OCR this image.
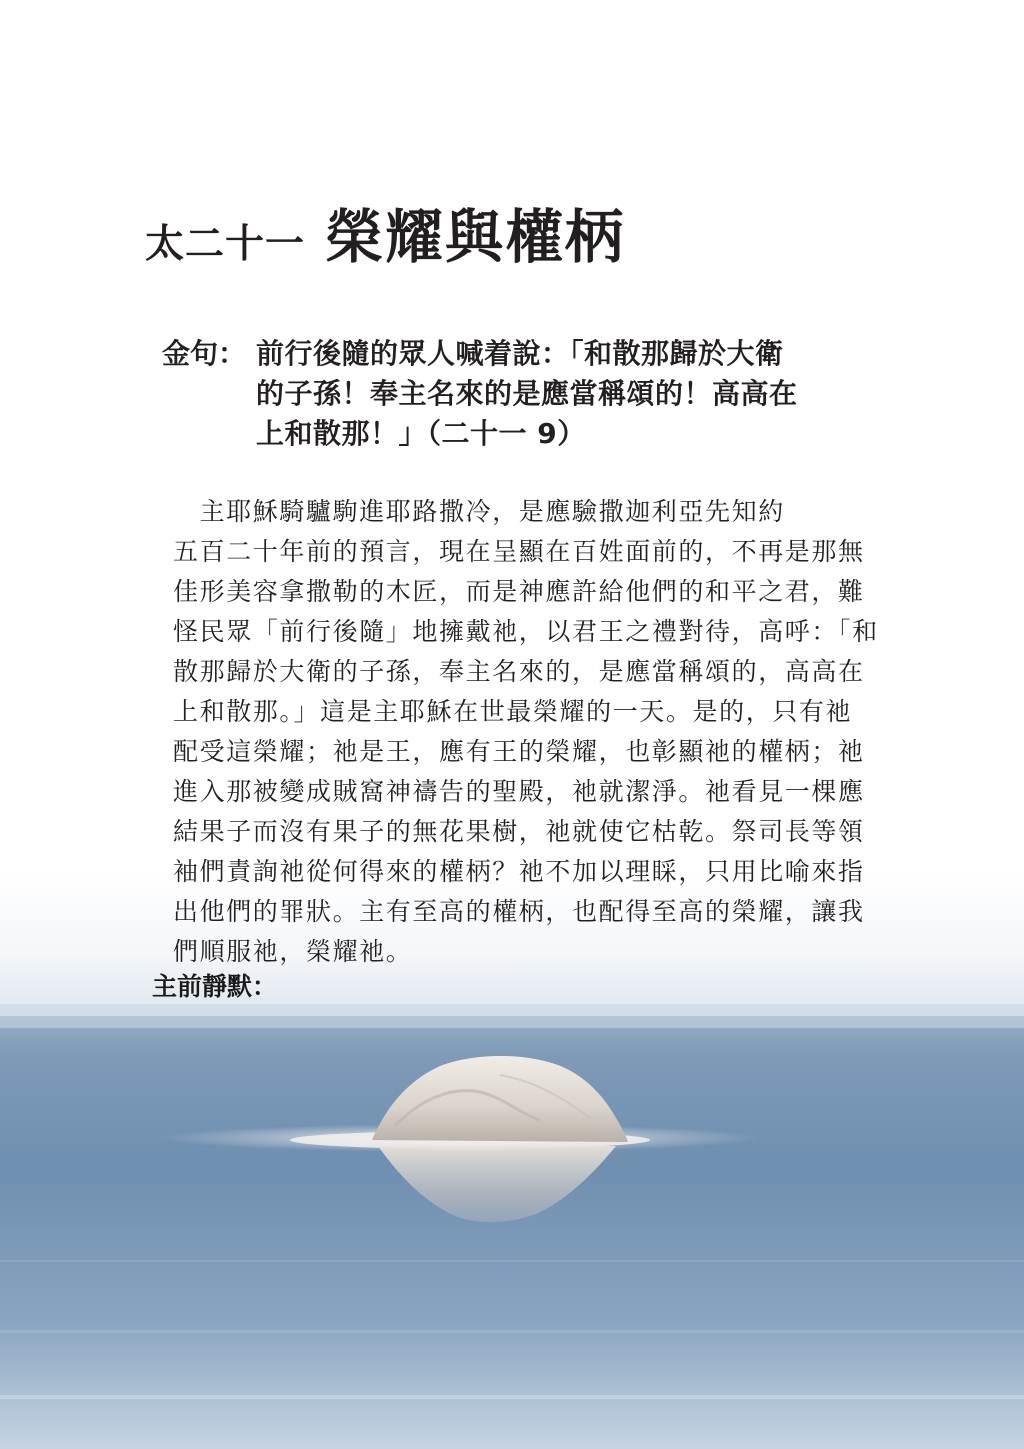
太二十一 榮耀與權柄
金句： 前行後隨的眾人喊着說：「和散那歸於大衛
的子孫！奉主名來的是應當稱頌的！高高在
上和散那！」（二十一 9）
　主耶穌騎驢駒進耶路撒冷，是應驗撒迦利亞先知約
五百二十年前的預言，現在呈顯在百姓面前的，不再是那無
佳形美容拿撒勒的木匠，而是神應許給他們的和平之君，難
怪民眾「前行後隨」地擁戴祂，以君王之禮對待，高呼：「和
散那歸於大衛的子孫，奉主名來的，是應當稱頌的，高高在
上和散那。」這是主耶穌在世最榮耀的一天。是的，只有祂
配受這榮耀；祂是王，應有王的榮耀，也彰顯祂的權柄；祂
進入那被變成賊窩神禱告的聖殿，祂就潔淨。祂看見一棵應
結果子而沒有果子的無花果樹，祂就使它枯乾。祭司長等領
袖們責詢祂從何得來的權柄？祂不加以理睬，只用比喻來指
出他們的罪狀。主有至高的權柄，也配得至高的榮耀，讓我
們順服祂，榮耀祂。
主前靜默：
